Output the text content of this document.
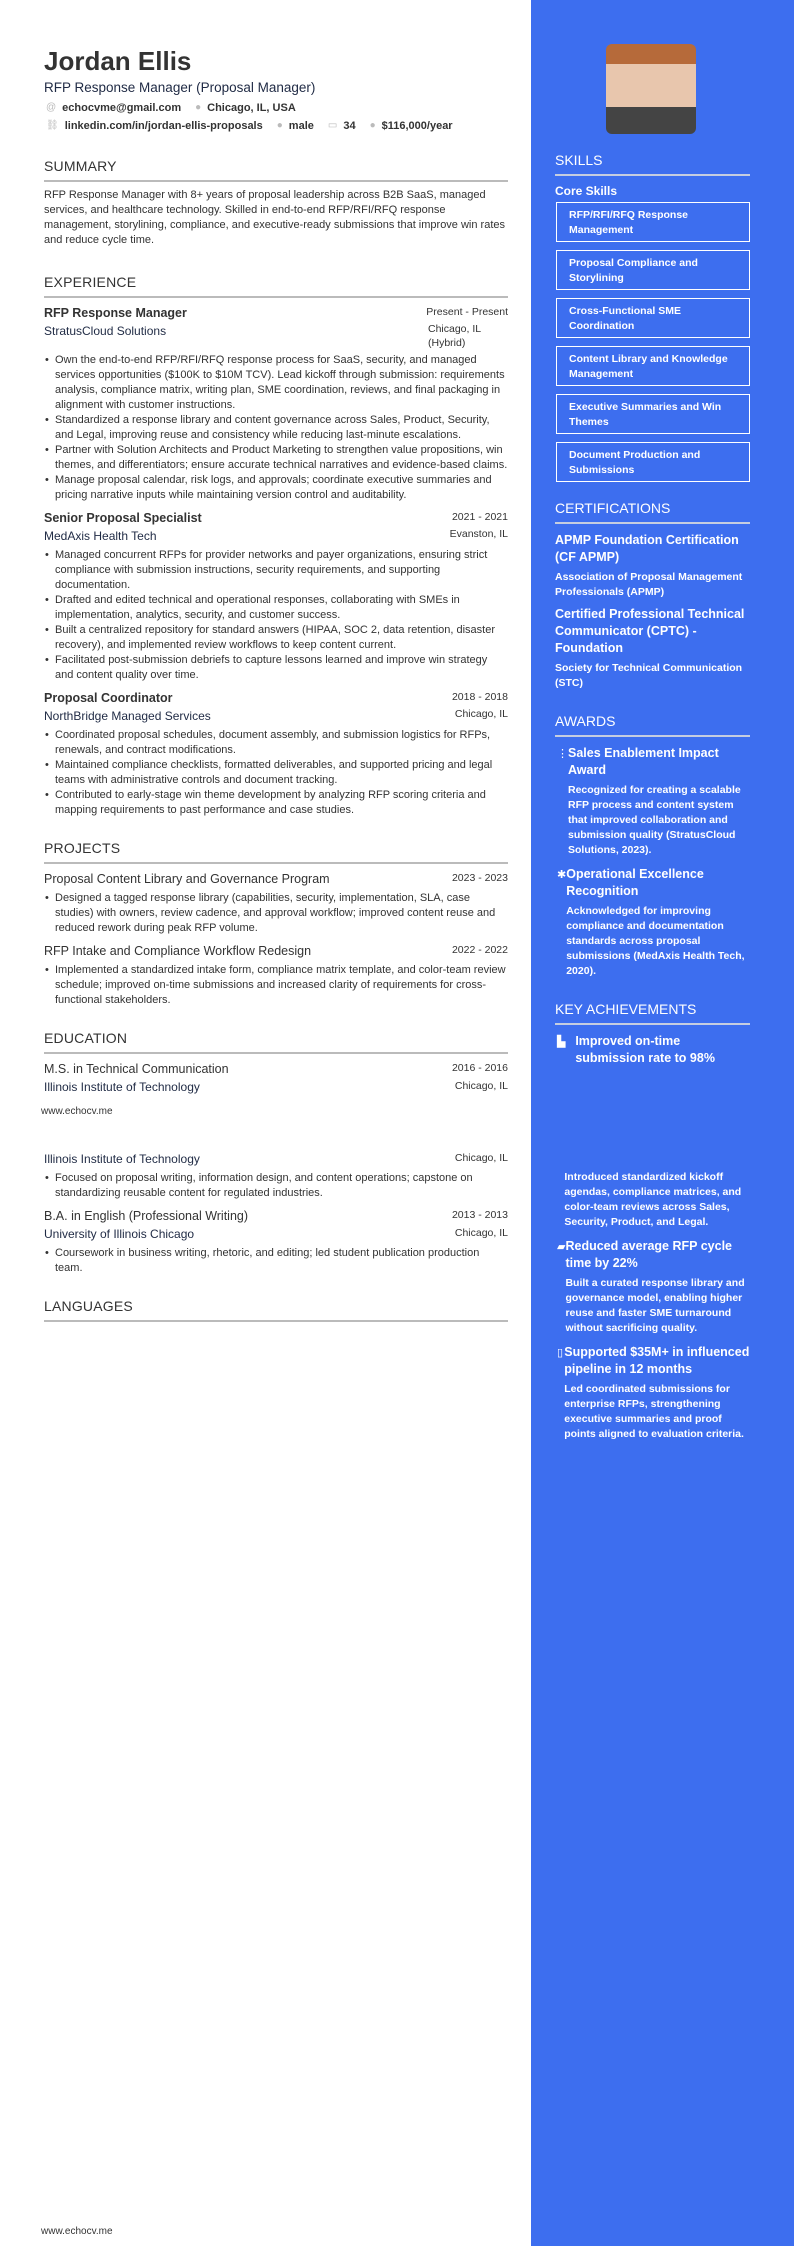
Jordan Ellis
RFP Response Manager (Proposal Manager)
@ echocvme@gmail.com ● Chicago, IL, USA
⛓ linkedin.com/in/jordan-ellis-proposals ● male ▭ 34 ● $116,000/year
SUMMARY
RFP Response Manager with 8+ years of proposal leadership across B2B SaaS, managed services, and healthcare technology. Skilled in end-to-end RFP/RFI/RFQ response management, storylining, compliance, and executive-ready submissions that improve win rates and reduce cycle time.
EXPERIENCE
RFP Response Manager	Present - Present
StratusCloud Solutions	Chicago, IL (Hybrid)
• Own the end-to-end RFP/RFI/RFQ response process for SaaS, security, and managed services opportunities ($100K to $10M TCV). Lead kickoff through submission: requirements analysis, compliance matrix, writing plan, SME coordination, reviews, and final packaging in alignment with customer instructions.
• Standardized a response library and content governance across Sales, Product, Security, and Legal, improving reuse and consistency while reducing last-minute escalations.
• Partner with Solution Architects and Product Marketing to strengthen value propositions, win themes, and differentiators; ensure accurate technical narratives and evidence-based claims.
• Manage proposal calendar, risk logs, and approvals; coordinate executive summaries and pricing narrative inputs while maintaining version control and auditability.
Senior Proposal Specialist	2021 - 2021
MedAxis Health Tech	Evanston, IL
• Managed concurrent RFPs for provider networks and payer organizations, ensuring strict compliance with submission instructions, security requirements, and supporting documentation.
• Drafted and edited technical and operational responses, collaborating with SMEs in implementation, analytics, security, and customer success.
• Built a centralized repository for standard answers (HIPAA, SOC 2, data retention, disaster recovery), and implemented review workflows to keep content current.
• Facilitated post-submission debriefs to capture lessons learned and improve win strategy and content quality over time.
Proposal Coordinator	2018 - 2018
NorthBridge Managed Services	Chicago, IL
• Coordinated proposal schedules, document assembly, and submission logistics for RFPs, renewals, and contract modifications.
• Maintained compliance checklists, formatted deliverables, and supported pricing and legal teams with administrative controls and document tracking.
• Contributed to early-stage win theme development by analyzing RFP scoring criteria and mapping requirements to past performance and case studies.
PROJECTS
Proposal Content Library and Governance Program	2023 - 2023
• Designed a tagged response library (capabilities, security, implementation, SLA, case studies) with owners, review cadence, and approval workflow; improved content reuse and reduced rework during peak RFP volume.
RFP Intake and Compliance Workflow Redesign	2022 - 2022
• Implemented a standardized intake form, compliance matrix template, and color-team review schedule; improved on-time submissions and increased clarity of requirements for cross-functional stakeholders.
EDUCATION
M.S. in Technical Communication	2016 - 2016
Illinois Institute of Technology	Chicago, IL
www.echocv.me
Illinois Institute of Technology	Chicago, IL
• Focused on proposal writing, information design, and content operations; capstone on standardizing reusable content for regulated industries.
B.A. in English (Professional Writing)	2013 - 2013
University of Illinois Chicago	Chicago, IL
• Coursework in business writing, rhetoric, and editing; led student publication production team.
LANGUAGES
www.echocv.me
SKILLS
Core Skills
RFP/RFI/RFQ Response Management
Proposal Compliance and Storylining
Cross-Functional SME Coordination
Content Library and Knowledge Management
Executive Summaries and Win Themes
Document Production and Submissions
CERTIFICATIONS
APMP Foundation Certification (CF APMP)
Association of Proposal Management Professionals (APMP)
Certified Professional Technical Communicator (CPTC) - Foundation
Society for Technical Communication (STC)
AWARDS
⋮ Sales Enablement Impact Award
Recognized for creating a scalable RFP process and content system that improved collaboration and submission quality (StratusCloud Solutions, 2023).
✱ Operational Excellence Recognition
Acknowledged for improving compliance and documentation standards across proposal submissions (MedAxis Health Tech, 2020).
KEY ACHIEVEMENTS
▙ Improved on-time submission rate to 98%
Introduced standardized kickoff agendas, compliance matrices, and color-team reviews across Sales, Security, Product, and Legal.
▰ Reduced average RFP cycle time by 22%
Built a curated response library and governance model, enabling higher reuse and faster SME turnaround without sacrificing quality.
▯ Supported $35M+ in influenced pipeline in 12 months
Led coordinated submissions for enterprise RFPs, strengthening executive summaries and proof points aligned to evaluation criteria.
